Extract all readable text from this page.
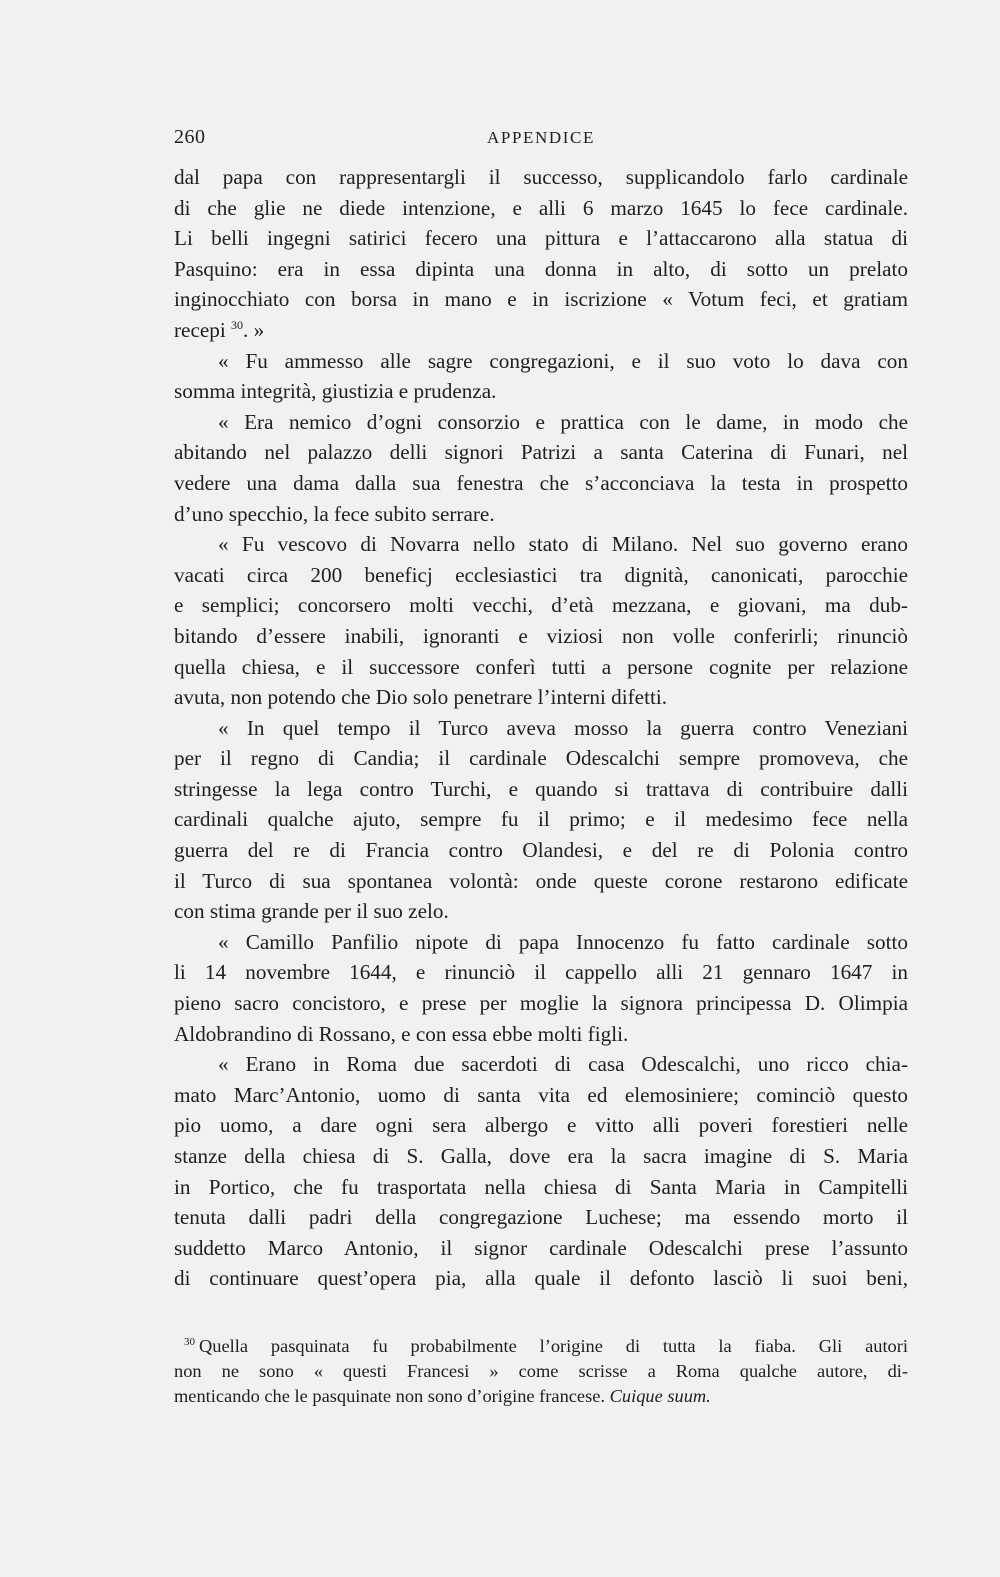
260	APPENDICE
dal papa con rappresentargli il successo, supplicandolo farlo cardinale
di che glie ne diede intenzione, e alli 6 marzo 1645 lo fece cardinale.
Li belli ingegni satirici fecero una pittura e l’attaccarono alla statua di
Pasquino: era in essa dipinta una donna in alto, di sotto un prelato
inginocchiato con borsa in mano e in iscrizione « Votum feci, et gratiam
recepi $^{30}$. »
« Fu ammesso alle sagre congregazioni, e il suo voto lo dava con
somma integrità, giustizia e prudenza.
« Era nemico d’ogni consorzio e prattica con le dame, in modo che
abitando nel palazzo delli signori Patrizi a santa Caterina di Funari, nel
vedere una dama dalla sua fenestra che s’acconciava la testa in prospetto
d’uno specchio, la fece subito serrare.
« Fu vescovo di Novarra nello stato di Milano. Nel suo governo erano
vacati circa 200 beneficj ecclesiastici tra dignità, canonicati, parocchie
e semplici; concorsero molti vecchi, d’età mezzana, e giovani, ma dub-
bitando d’essere inabili, ignoranti e viziosi non volle conferirli; rinunciò
quella chiesa, e il successore conferì tutti a persone cognite per relazione
avuta, non potendo che Dio solo penetrare l’interni difetti.
« In quel tempo il Turco aveva mosso la guerra contro Veneziani
per il regno di Candia; il cardinale Odescalchi sempre promoveva, che
stringesse la lega contro Turchi, e quando si trattava di contribuire dalli
cardinali qualche ajuto, sempre fu il primo; e il medesimo fece nella
guerra del re di Francia contro Olandesi, e del re di Polonia contro
il Turco di sua spontanea volontà: onde queste corone restarono edificate
con stima grande per il suo zelo.
« Camillo Panfilio nipote di papa Innocenzo fu fatto cardinale sotto
li 14 novembre 1644, e rinunciò il cappello alli 21 gennaro 1647 in
pieno sacro concistoro, e prese per moglie la signora principessa D. Olimpia
Aldobrandino di Rossano, e con essa ebbe molti figli.
« Erano in Roma due sacerdoti di casa Odescalchi, uno ricco chia-
mato Marc’Antonio, uomo di santa vita ed elemosiniere; cominciò questo
pio uomo, a dare ogni sera albergo e vitto alli poveri forestieri nelle
stanze della chiesa di S. Galla, dove era la sacra imagine di S. Maria
in Portico, che fu trasportata nella chiesa di Santa Maria in Campitelli
tenuta dalli padri della congregazione Luchese; ma essendo morto il
suddetto Marco Antonio, il signor cardinale Odescalchi prese l’assunto
di continuare quest’opera pia, alla quale il defonto lasciò li suoi beni,
$^{30}$ Quella pasquinata fu probabilmente l’origine di tutta la fiaba. Gli autori
non ne sono « questi Francesi » come scrisse a Roma qualche autore, di-
menticando che le pasquinate non sono d’origine francese. Cuique suum.
